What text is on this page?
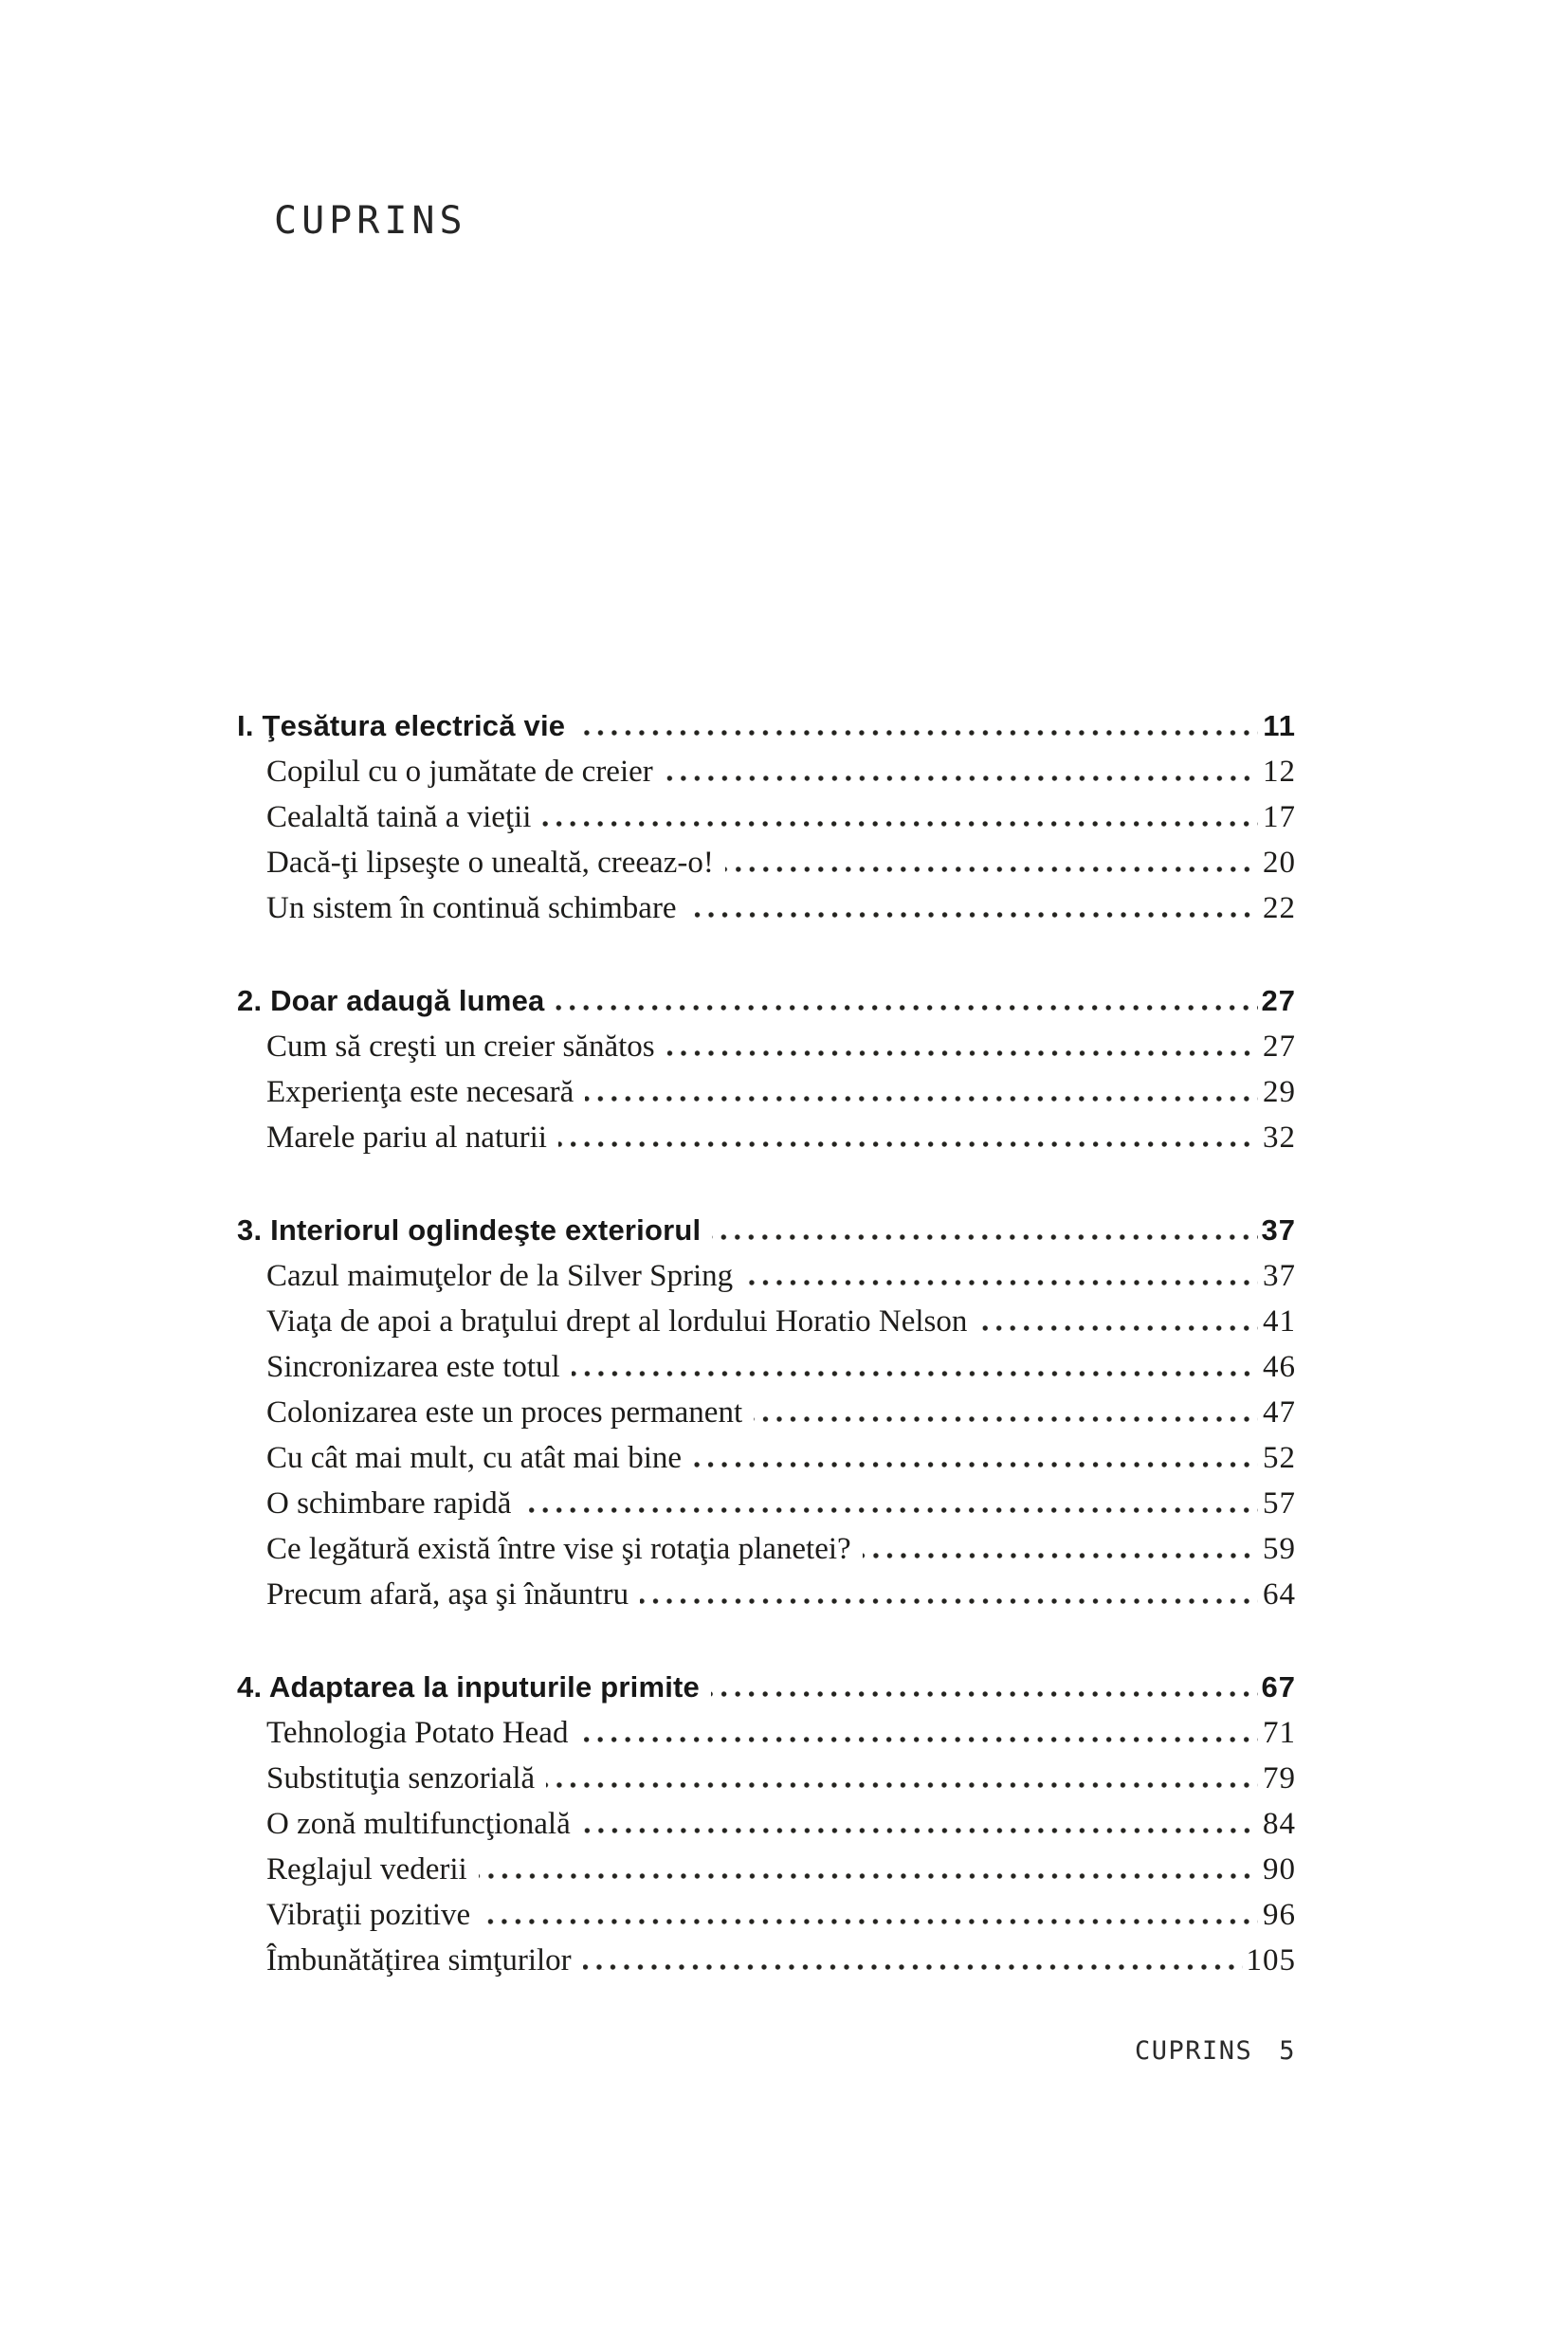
CUPRINS
I. Ţesătura electrică vie	11
Copilul cu o jumătate de creier	12
Cealaltă taină a vieţii	17
Dacă-ţi lipseşte o unealtă, creeaz-o!	20
Un sistem în continuă schimbare	22
2. Doar adaugă lumea	27
Cum să creşti un creier sănătos	27
Experienţa este necesară	29
Marele pariu al naturii	32
3. Interiorul oglindeşte exteriorul	37
Cazul maimuţelor de la Silver Spring	37
Viaţa de apoi a braţului drept al lordului Horatio Nelson	41
Sincronizarea este totul	46
Colonizarea este un proces permanent	47
Cu cât mai mult, cu atât mai bine	52
O schimbare rapidă	57
Ce legătură există între vise şi rotaţia planetei?	59
Precum afară, aşa şi înăuntru	64
4. Adaptarea la inputurile primite	67
Tehnologia Potato Head	71
Substituţia senzorială	79
O zonă multifuncţională	84
Reglajul vederii	90
Vibraţii pozitive	96
Îmbunătăţirea simţurilor	105
CUPRINS 5
